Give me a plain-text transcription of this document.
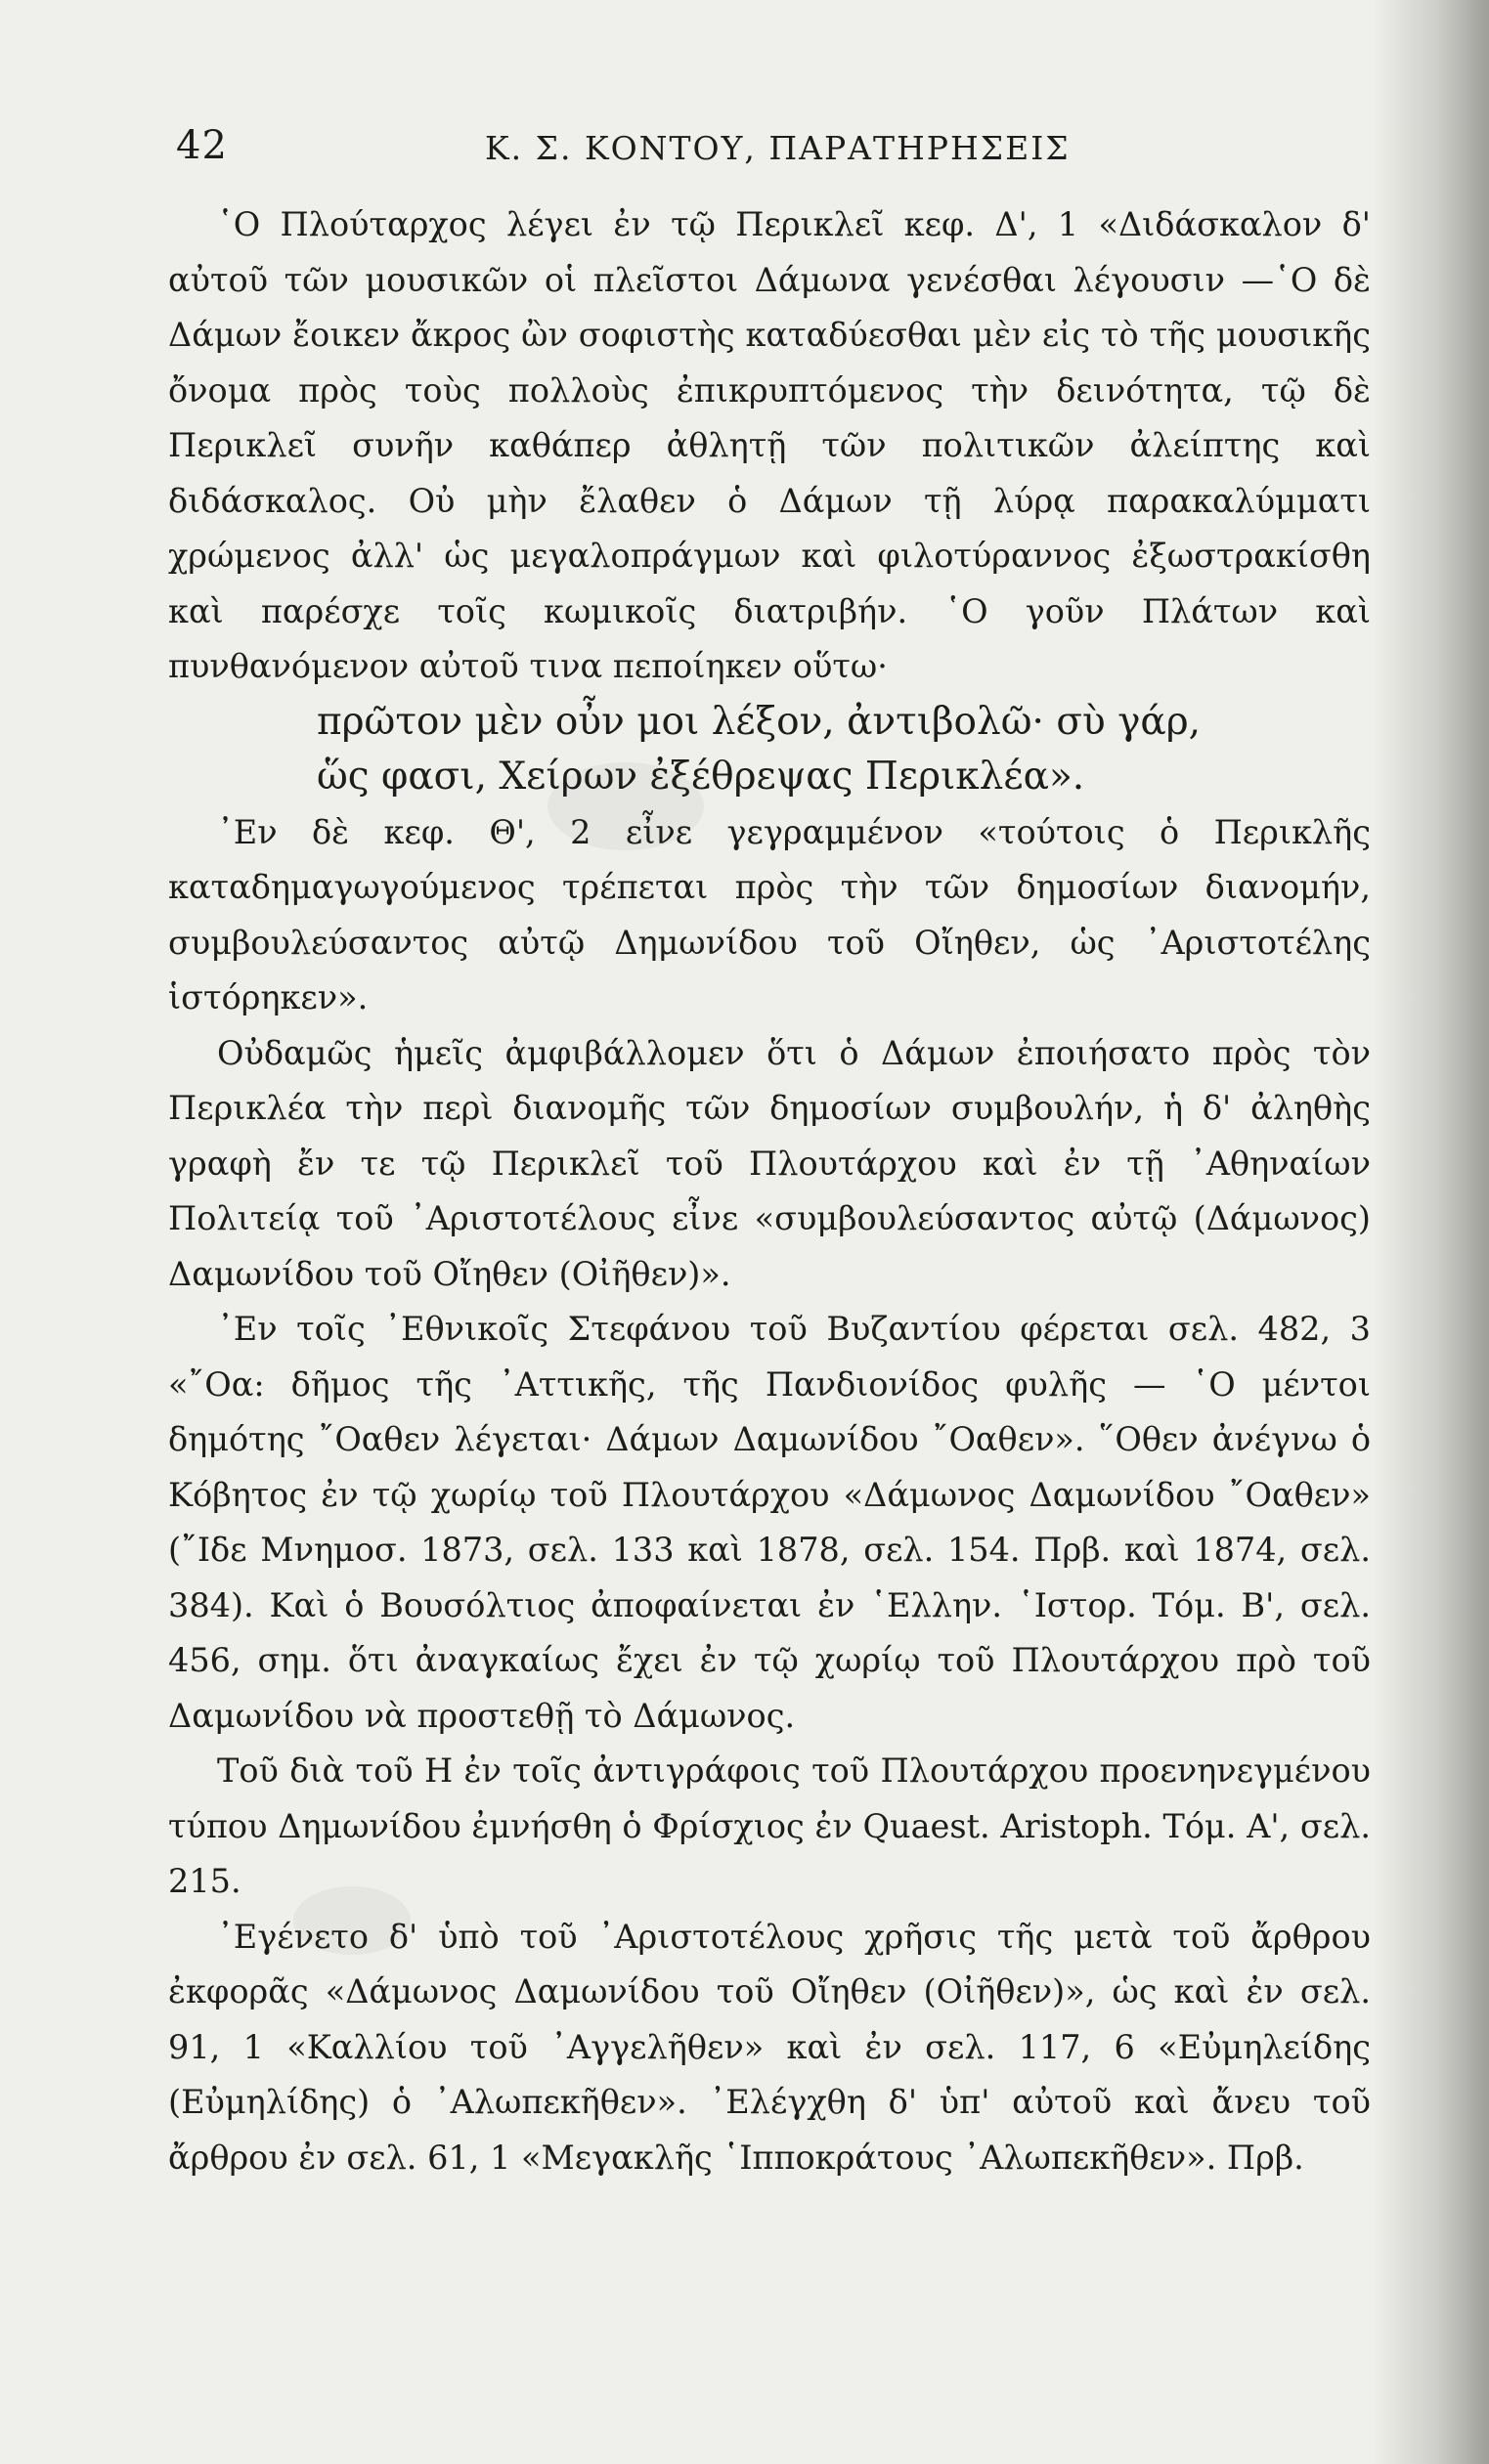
42	Κ. Σ. ΚΟΝΤΟΥ, ΠΑΡΑΤΗΡΗΣΕΙΣ

῾Ο Πλούταρχος λέγει ἐν τῷ Περικλεῖ κεφ. Δ', 1 «Διδάσκαλον δ' αὐτοῦ τῶν μουσικῶν οἱ πλεῖστοι Δάμωνα γενέσθαι λέγουσιν —῾Ο δὲ Δάμων ἔοικεν ἄκρος ὢν σοφιστὴς καταδύεσθαι μὲν εἰς τὸ τῆς μουσικῆς ὄνομα πρὸς τοὺς πολλοὺς ἐπικρυπτόμενος τὴν δεινότητα, τῷ δὲ Περικλεῖ συνῆν καθάπερ ἀθλητῇ τῶν πολιτικῶν ἀλείπτης καὶ διδάσκαλος. Οὐ μὴν ἔλαθεν ὁ Δάμων τῇ λύρᾳ παρακαλύμματι χρώμενος ἀλλ' ὡς μεγαλοπράγμων καὶ φιλοτύραννος ἐξωστρακίσθη καὶ παρέσχε τοῖς κωμικοῖς διατριβήν. ῾Ο γοῦν Πλάτων καὶ πυνθανόμενον αὐτοῦ τινα πεποίηκεν οὕτω·

πρῶτον μὲν οὖν μοι λέξον, ἀντιβολῶ· σὺ γάρ,

ὥς φασι, Χείρων ἐξέθρεψας Περικλέα».

᾿Εν δὲ κεφ. Θ', 2 εἶνε γεγραμμένον «τούτοις ὁ Περικλῆς καταδημαγωγούμενος τρέπεται πρὸς τὴν τῶν δημοσίων διανομήν, συμβουλεύσαντος αὐτῷ Δημωνίδου τοῦ Οἴηθεν, ὡς ᾿Αριστοτέλης ἱστόρηκεν».

Οὐδαμῶς ἡμεῖς ἀμφιβάλλομεν ὅτι ὁ Δάμων ἐποιήσατο πρὸς τὸν Περικλέα τὴν περὶ διανομῆς τῶν δημοσίων συμβουλήν, ἡ δ' ἀληθὴς γραφὴ ἔν τε τῷ Περικλεῖ τοῦ Πλουτάρχου καὶ ἐν τῇ ᾿Αθηναίων Πολιτείᾳ τοῦ ᾿Αριστοτέλους εἶνε «συμβουλεύσαντος αὐτῷ (Δάμωνος) Δαμωνίδου τοῦ Οἴηθεν (Οἰῆθεν)».

᾿Εν τοῖς ᾿Εθνικοῖς Στεφάνου τοῦ Βυζαντίου φέρεται σελ. 482, 3 «῎Οα: δῆμος τῆς ᾿Αττικῆς, τῆς Πανδιονίδος φυλῆς — ῾Ο μέντοι δημότης ῎Οαθεν λέγεται· Δάμων Δαμωνίδου ῎Οαθεν». ῞Οθεν ἀνέγνω ὁ Κόβητος ἐν τῷ χωρίῳ τοῦ Πλουτάρχου «Δάμωνος Δαμωνίδου ῎Οαθεν» (῎Ιδε Μνημοσ. 1873, σελ. 133 καὶ 1878, σελ. 154. Πρβ. καὶ 1874, σελ. 384). Καὶ ὁ Βουσόλτιος ἀποφαίνεται ἐν ῾Ελλην. ῾Ιστορ. Τόμ. Β', σελ. 456, σημ. ὅτι ἀναγκαίως ἔχει ἐν τῷ χωρίῳ τοῦ Πλουτάρχου πρὸ τοῦ Δαμωνίδου νὰ προστεθῇ τὸ Δάμωνος.

Τοῦ διὰ τοῦ Η ἐν τοῖς ἀντιγράφοις τοῦ Πλουτάρχου προενηνεγμένου τύπου Δημωνίδου ἐμνήσθη ὁ Φρίσχιος ἐν Quaest. Aristoph. Τόμ. Α', σελ. 215.

᾿Εγένετο δ' ὑπὸ τοῦ ᾿Αριστοτέλους χρῆσις τῆς μετὰ τοῦ ἄρθρου ἐκφορᾶς «Δάμωνος Δαμωνίδου τοῦ Οἴηθεν (Οἰῆθεν)», ὡς καὶ ἐν σελ. 91, 1 «Καλλίου τοῦ ᾿Αγγελῆθεν» καὶ ἐν σελ. 117, 6 «Εὐμηλείδης (Εὐμηλίδης) ὁ ᾿Αλωπεκῆθεν». ᾿Ελέγχθη δ' ὑπ' αὐτοῦ καὶ ἄνευ τοῦ ἄρθρου ἐν σελ. 61, 1 «Μεγακλῆς ῾Ιπποκράτους ᾿Αλωπεκῆθεν». Πρβ.
